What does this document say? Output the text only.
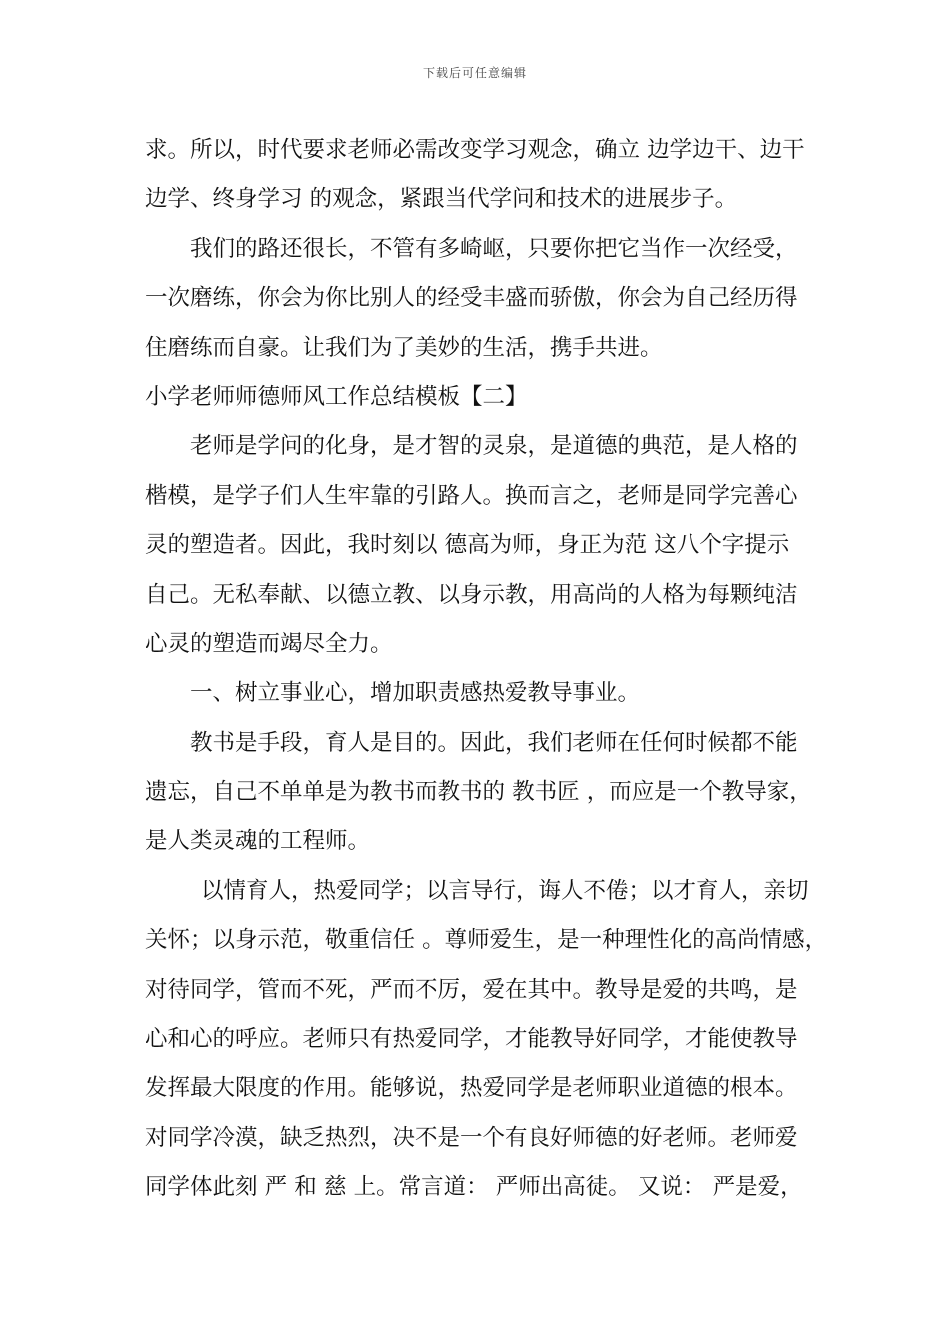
下载后可任意编辑
求。所以，时代要求老师必需改变学习观念，确立 边学边干、边干
边学、终身学习 的观念，紧跟当代学问和技术的进展步子。
我们的路还很长，不管有多崎岖，只要你把它当作一次经受，
一次磨练，你会为你比别人的经受丰盛而骄傲，你会为自己经历得
住磨练而自豪。让我们为了美妙的生活，携手共进。
小学老师师德师风工作总结模板【二】
老师是学问的化身，是才智的灵泉，是道德的典范，是人格的
楷模，是学子们人生牢靠的引路人。换而言之，老师是同学完善心
灵的塑造者。因此，我时刻以 德高为师，身正为范 这八个字提示
自己。无私奉献、以德立教、以身示教，用高尚的人格为每颗纯洁
心灵的塑造而竭尽全力。
一、树立事业心，增加职责感热爱教导事业。
教书是手段，育人是目的。因此，我们老师在任何时候都不能
遗忘，自己不单单是为教书而教书的 教书匠 ，而应是一个教导家，
是人类灵魂的工程师。
以情育人，热爱同学；以言导行，诲人不倦；以才育人，亲切
关怀；以身示范，敬重信任 。尊师爱生，是一种理性化的高尚情感，
对待同学，管而不死，严而不厉，爱在其中。教导是爱的共鸣，是
心和心的呼应。老师只有热爱同学，才能教导好同学，才能使教导
发挥最大限度的作用。能够说，热爱同学是老师职业道德的根本。
对同学冷漠，缺乏热烈，决不是一个有良好师德的好老师。老师爱
同学体此刻 严 和 慈 上。常言道： 严师出高徒。 又说： 严是爱，
